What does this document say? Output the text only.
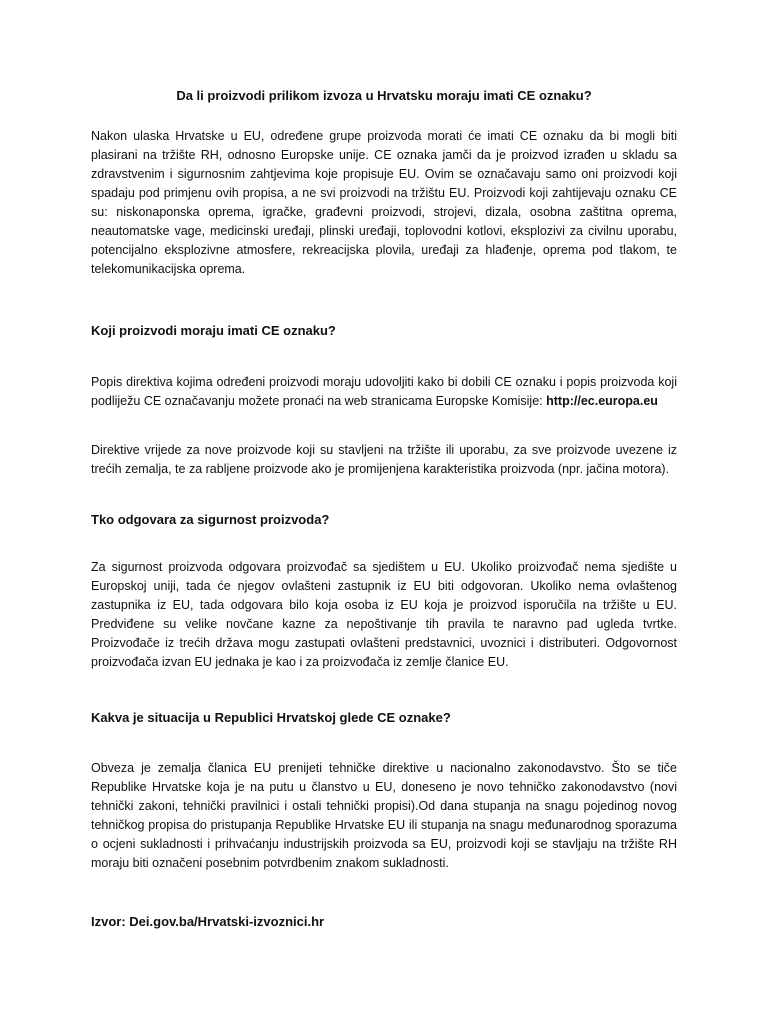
Da li proizvodi prilikom izvoza u Hrvatsku moraju imati CE oznaku?

Nakon ulaska Hrvatske u EU, određene grupe proizvoda morati će imati CE oznaku da bi mogli biti plasirani na tržište RH, odnosno Europske unije. CE oznaka jamči da je proizvod izrađen u skladu sa zdravstvenim i sigurnosnim zahtjevima koje propisuje EU. Ovim se označavaju samo oni proizvodi koji spadaju pod primjenu ovih propisa, a ne svi proizvodi na tržištu EU. Proizvodi koji zahtijevaju oznaku CE su: niskonaponska oprema, igračke, građevni proizvodi, strojevi, dizala, osobna zaštitna oprema, neautomatske vage, medicinski uređaji, plinski uređaji, toplovodni kotlovi, eksplozivi za civilnu uporabu, potencijalno eksplozivne atmosfere, rekreacijska plovila, uređaji za hlađenje, oprema pod tlakom, te telekomunikacijska oprema.

Koji proizvodi moraju imati CE oznaku?

Popis direktiva kojima određeni proizvodi moraju udovoljiti kako bi dobili CE oznaku i popis proizvoda koji podliježu CE označavanju možete pronaći na web stranicama Europske Komisije: http://ec.europa.eu

Direktive vrijede za nove proizvode koji su stavljeni na tržište ili uporabu, za sve proizvode uvezene iz trećih zemalja, te za rabljene proizvode ako je promijenjena karakteristika proizvoda (npr. jačina motora).

Tko odgovara za sigurnost proizvoda?

Za sigurnost proizvoda odgovara proizvođač sa sjedištem u EU. Ukoliko proizvođač nema sjedište u Europskoj uniji, tada će njegov ovlašteni zastupnik iz EU biti odgovoran. Ukoliko nema ovlaštenog zastupnika iz EU, tada odgovara bilo koja osoba iz EU koja je proizvod isporučila na tržište u EU. Predviđene su velike novčane kazne za nepoštivanje tih pravila te naravno pad ugleda tvrtke. Proizvođače iz trećih država mogu zastupati ovlašteni predstavnici, uvoznici i distributeri. Odgovornost proizvođača izvan EU jednaka je kao i za proizvođača iz zemlje članice EU.

Kakva je situacija u Republici Hrvatskoj glede CE oznake?

Obveza je zemalja članica EU prenijeti tehničke direktive u nacionalno zakonodavstvo. Što se tiče Republike Hrvatske koja je na putu u članstvo u EU, doneseno je novo tehničko zakonodavstvo (novi tehnički zakoni, tehnički pravilnici i ostali tehnički propisi).Od dana stupanja na snagu pojedinog novog tehničkog propisa do pristupanja Republike Hrvatske EU ili stupanja na snagu međunarodnog sporazuma o ocjeni sukladnosti i prihvaćanju industrijskih proizvoda sa EU, proizvodi koji se stavljaju na tržište RH moraju biti označeni posebnim potvrdbenim znakom sukladnosti.

Izvor: Dei.gov.ba/Hrvatski-izvoznici.hr
